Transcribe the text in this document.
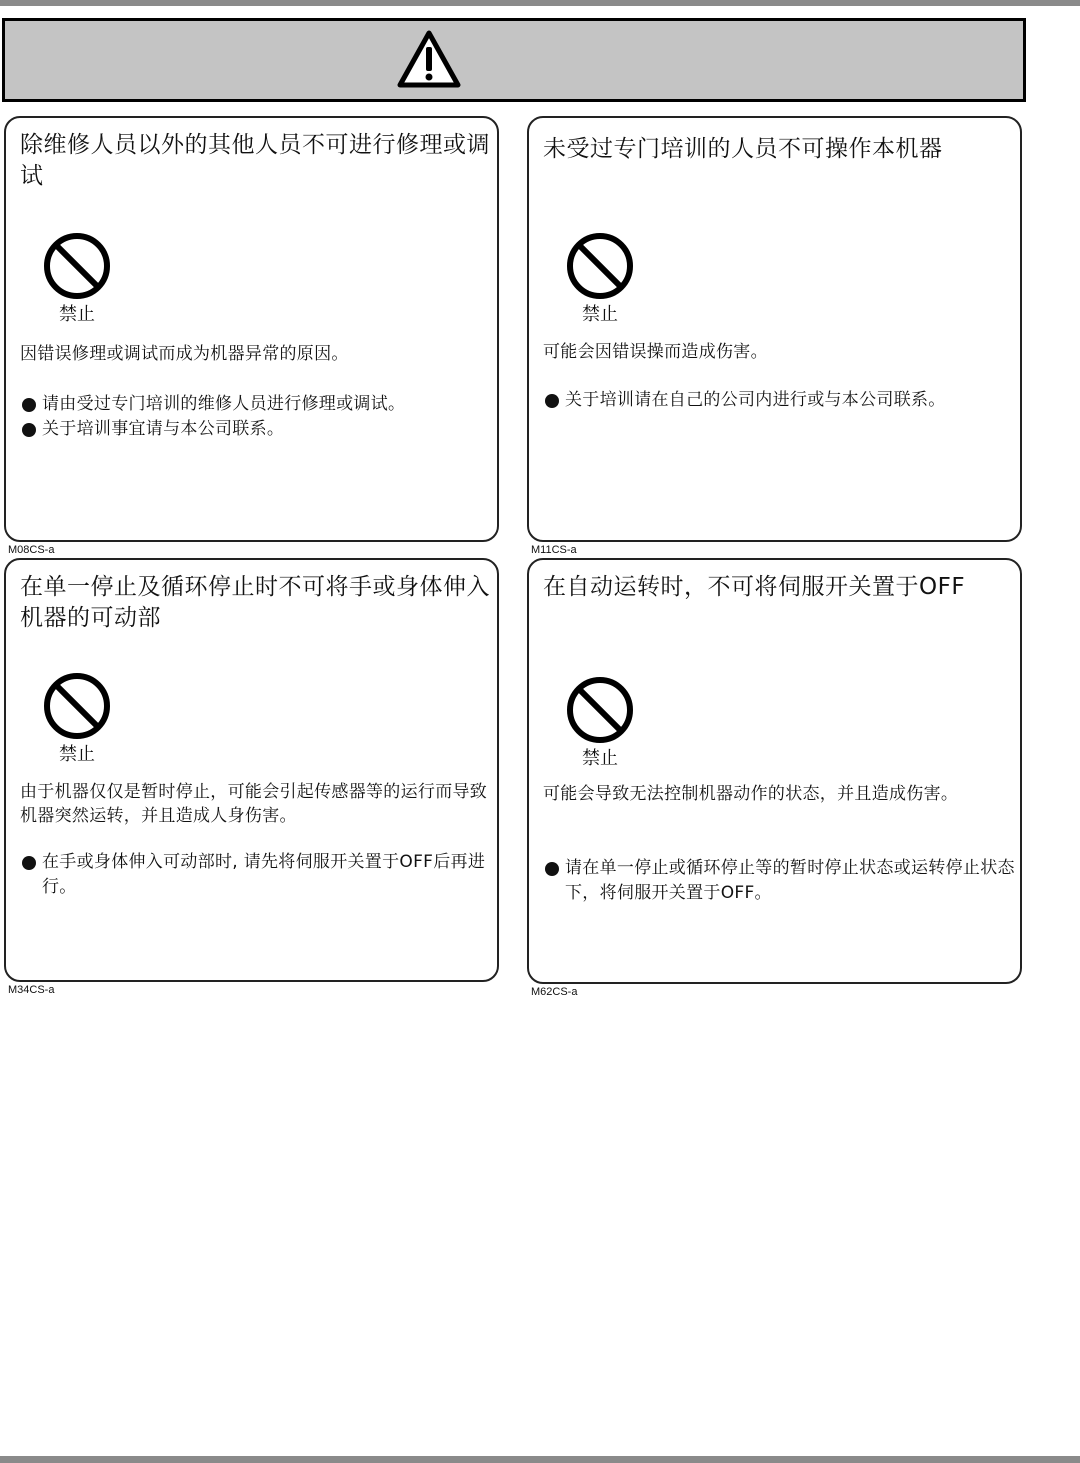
除维修人员以外的其他人员不可进行修理或调试

禁止

因错误修理或调试而成为机器异常的原因。

请由受过专门培训的维修人员进行修理或调试。
关于培训事宜请与本公司联系。
M08CS-a

未受过专门培训的人员不可操作本机器

禁止

可能会因错误操而造成伤害。

关于培训请在自己的公司内进行或与本公司联系。
M11CS-a

在单一停止及循环停止时不可将手或身体伸入机器的可动部

禁止

由于机器仅仅是暂时停止，可能会引起传感器等的运行而导致机器突然运转，并且造成人身伤害。

在手或身体伸入可动部时, 请先将伺服开关置于OFF后再进行。
M34CS-a

在自动运转时，不可将伺服开关置于OFF

禁止

可能会导致无法控制机器动作的状态，并且造成伤害。

请在单一停止或循环停止等的暂时停止状态或运转停止状态下，将伺服开关置于OFF。
M62CS-a
